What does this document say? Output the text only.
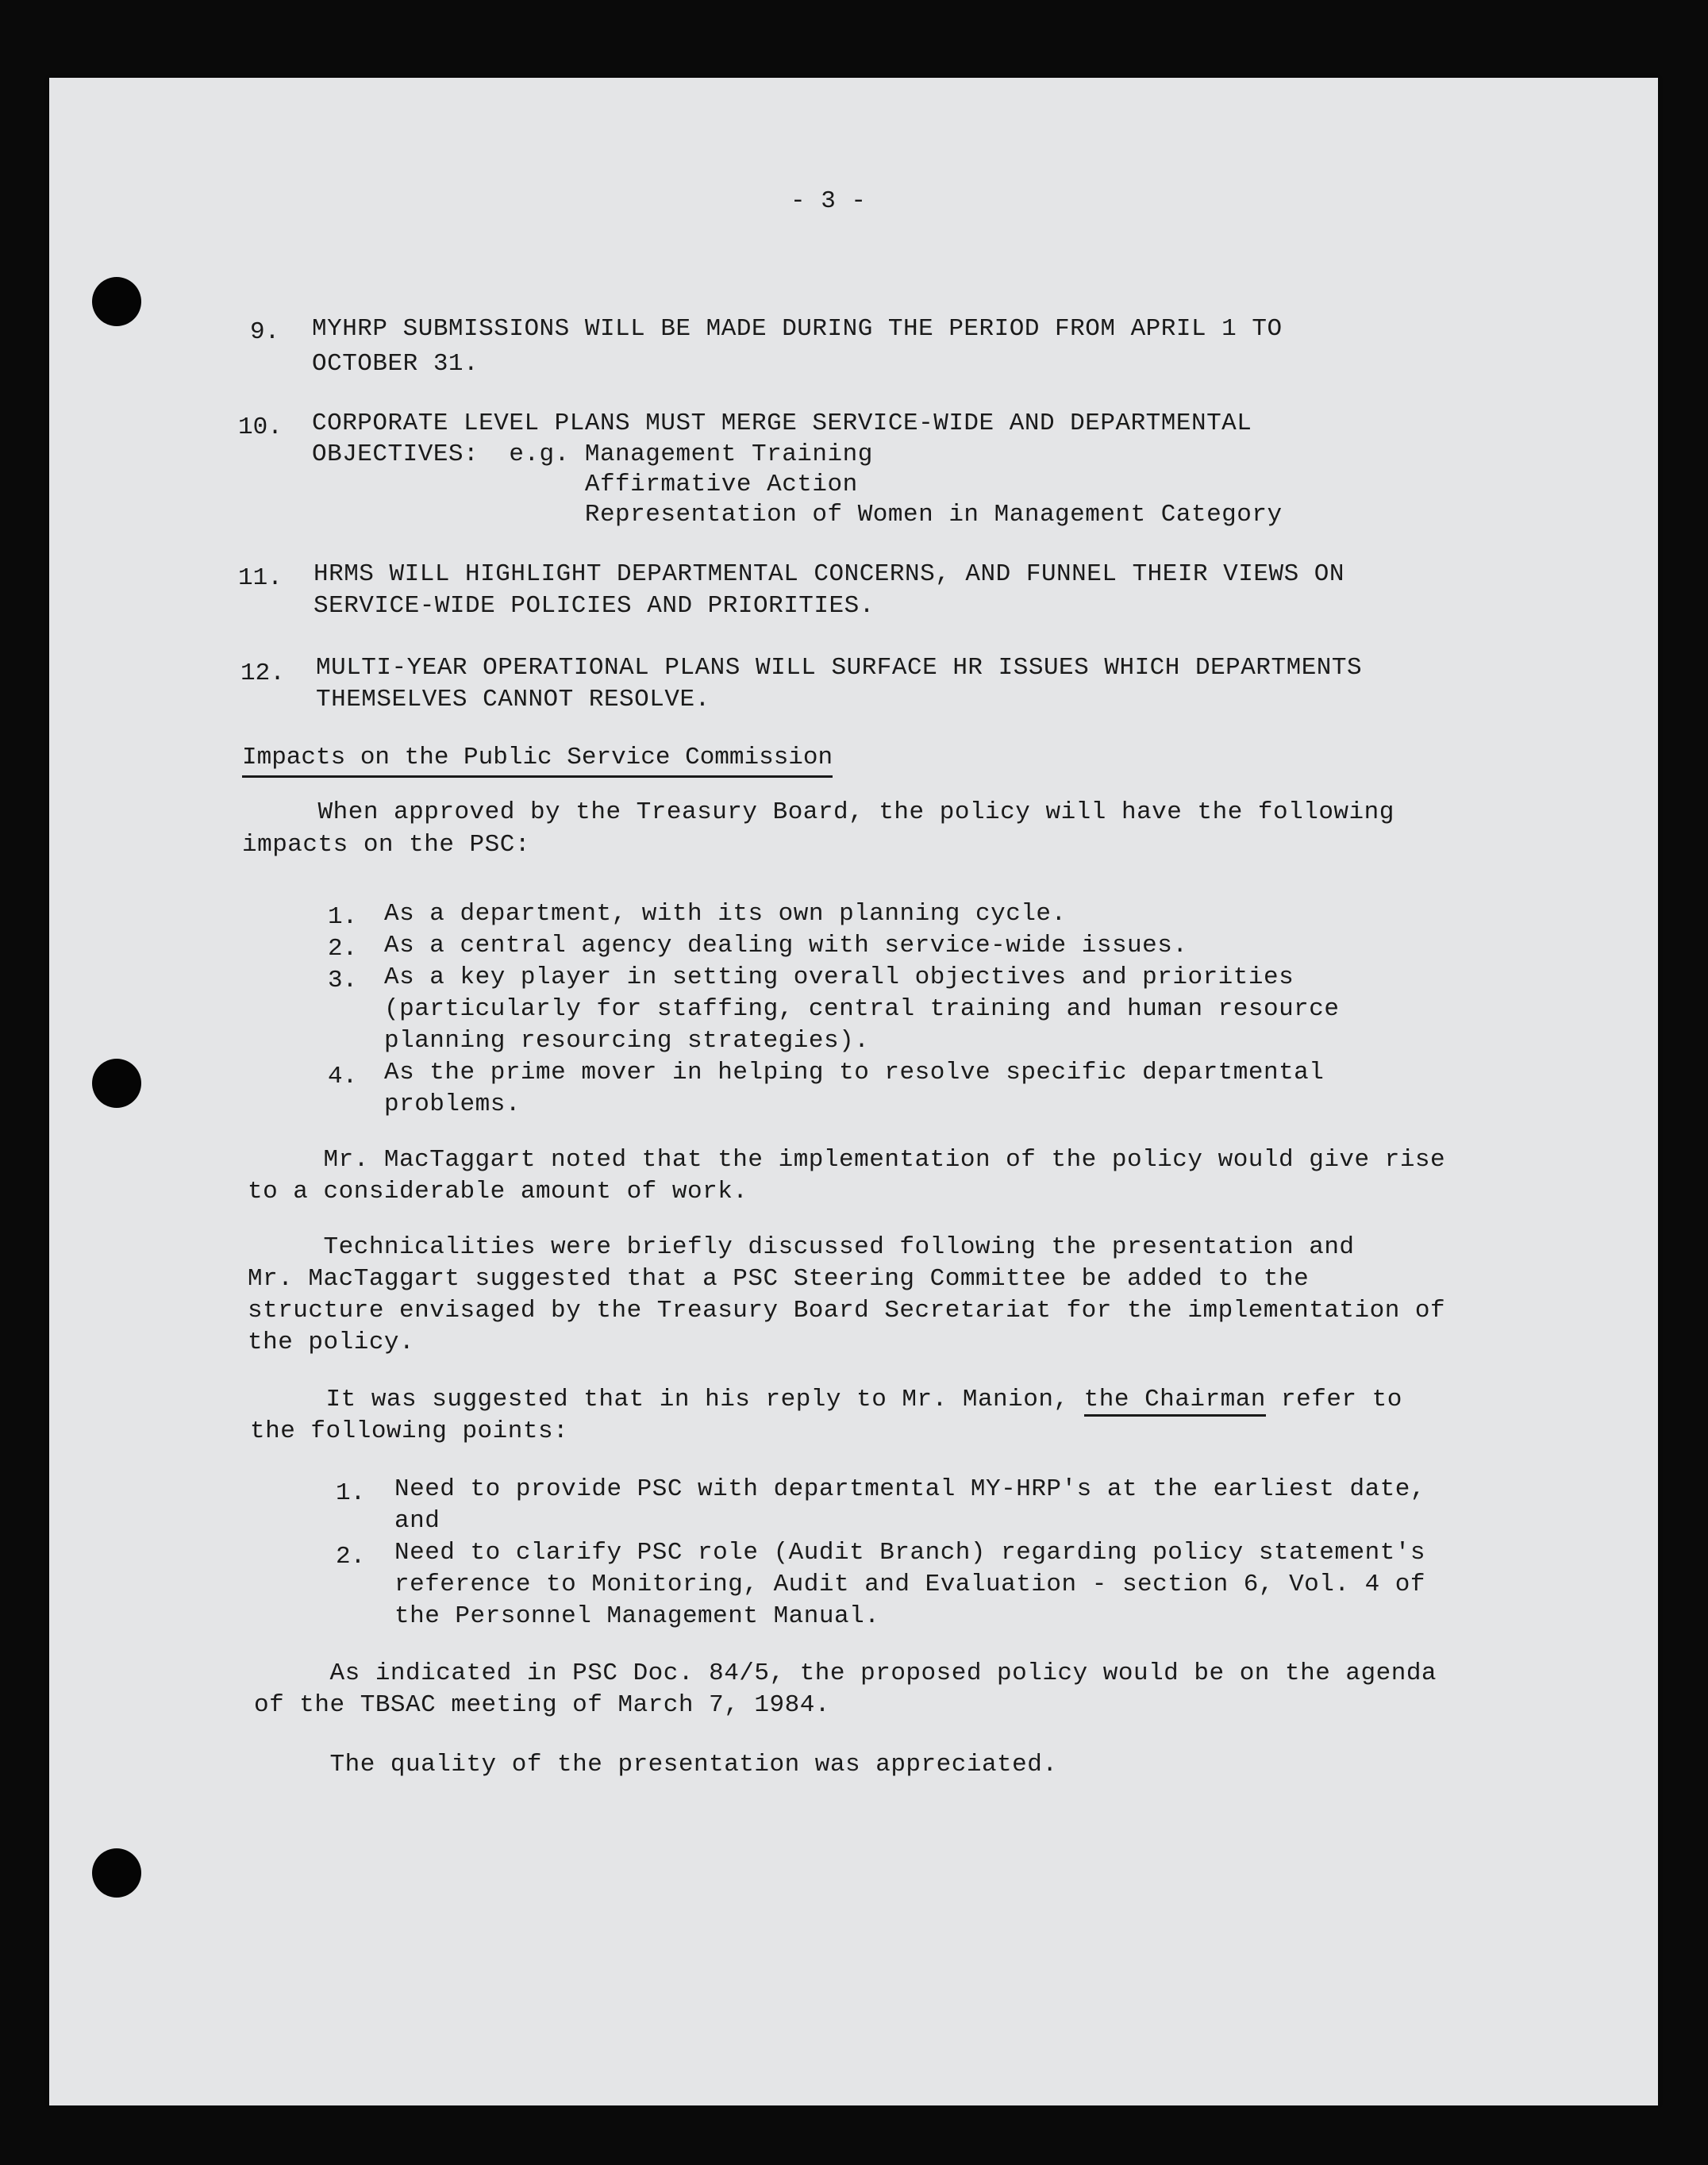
- 3 -
9. MYHRP SUBMISSIONS WILL BE MADE DURING THE PERIOD FROM APRIL 1 TO
OCTOBER 31.
10. CORPORATE LEVEL PLANS MUST MERGE SERVICE-WIDE AND DEPARTMENTAL
OBJECTIVES:  e.g. Management Training
Affirmative Action
Representation of Women in Management Category
11. HRMS WILL HIGHLIGHT DEPARTMENTAL CONCERNS, AND FUNNEL THEIR VIEWS ON
SERVICE-WIDE POLICIES AND PRIORITIES.
12. MULTI-YEAR OPERATIONAL PLANS WILL SURFACE HR ISSUES WHICH DEPARTMENTS
THEMSELVES CANNOT RESOLVE.
Impacts on the Public Service Commission
When approved by the Treasury Board, the policy will have the following
impacts on the PSC:
1. As a department, with its own planning cycle.
2. As a central agency dealing with service-wide issues.
3. As a key player in setting overall objectives and priorities
(particularly for staffing, central training and human resource
planning resourcing strategies).
4. As the prime mover in helping to resolve specific departmental
problems.
Mr. MacTaggart noted that the implementation of the policy would give rise
to a considerable amount of work.
Technicalities were briefly discussed following the presentation and
Mr. MacTaggart suggested that a PSC Steering Committee be added to the
structure envisaged by the Treasury Board Secretariat for the implementation of
the policy.
It was suggested that in his reply to Mr. Manion, the Chairman refer to
the following points:
1. Need to provide PSC with departmental MY-HRP's at the earliest date,
and
2. Need to clarify PSC role (Audit Branch) regarding policy statement's
reference to Monitoring, Audit and Evaluation - section 6, Vol. 4 of
the Personnel Management Manual.
As indicated in PSC Doc. 84/5, the proposed policy would be on the agenda
of the TBSAC meeting of March 7, 1984.
The quality of the presentation was appreciated.
